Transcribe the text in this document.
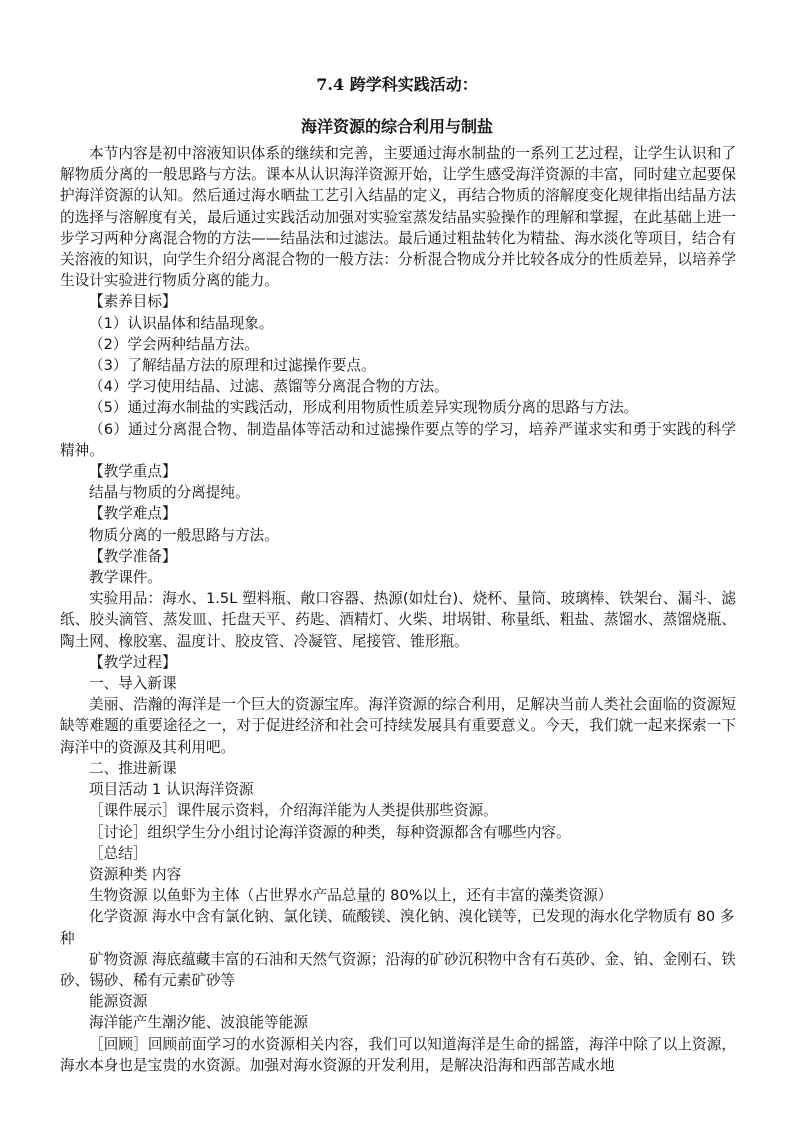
7.4 跨学科实践活动：
海洋资源的综合利用与制盐

本节内容是初中溶液知识体系的继续和完善，主要通过海水制盐的一系列工艺过程，让学生认识和了解物质分离的一般思路与方法。课本从认识海洋资源开始，让学生感受海洋资源的丰富，同时建立起要保护海洋资源的认知。然后通过海水晒盐工艺引入结晶的定义，再结合物质的溶解度变化规律指出结晶方法的选择与溶解度有关，最后通过实践活动加强对实验室蒸发结晶实验操作的理解和掌握，在此基础上进一步学习两种分离混合物的方法——结晶法和过滤法。最后通过粗盐转化为精盐、海水淡化等项目，结合有关溶液的知识，向学生介绍分离混合物的一般方法：分析混合物成分并比较各成分的性质差异，以培养学生设计实验进行物质分离的能力。

【素养目标】

（1）认识晶体和结晶现象。

（2）学会两种结晶方法。

（3）了解结晶方法的原理和过滤操作要点。

（4）学习使用结晶、过滤、蒸馏等分离混合物的方法。

（5）通过海水制盐的实践活动，形成利用物质性质差异实现物质分离的思路与方法。

（6）通过分离混合物、制造晶体等活动和过滤操作要点等的学习，培养严谨求实和勇于实践的科学精神。

【教学重点】

结晶与物质的分离提纯。

【教学难点】

物质分离的一般思路与方法。

【教学准备】

教学课件。

实验用品：海水、1.5L 塑料瓶、敞口容器、热源(如灶台)、烧杯、量筒、玻璃棒、铁架台、漏斗、滤纸、胶头滴管、蒸发皿、托盘天平、药匙、酒精灯、火柴、坩埚钳、称量纸、粗盐、蒸馏水、蒸馏烧瓶、陶土网、橡胶塞、温度计、胶皮管、冷凝管、尾接管、锥形瓶。

【教学过程】

一、导入新课

美丽、浩瀚的海洋是一个巨大的资源宝库。海洋资源的综合利用，足解决当前人类社会面临的资源短缺等难题的重要途径之一，对于促进经济和社会可持续发展具有重要意义。今天，我们就一起来探索一下海洋中的资源及其利用吧。

二、推进新课

项目活动 1 认识海洋资源

［课件展示］课件展示资料，介绍海洋能为人类提供那些资源。

［讨论］组织学生分小组讨论海洋资源的种类，每种资源都含有哪些内容。

［总结］

资源种类 内容

生物资源 以鱼虾为主体（占世界水产品总量的 80%以上，还有丰富的藻类资源）

化学资源 海水中含有氯化钠、氯化镁、硫酸镁、溴化钠、溴化镁等，已发现的海水化学物质有 80 多种

矿物资源 海底蕴藏丰富的石油和天然气资源；沿海的矿砂沉积物中含有石英砂、金、铂、金刚石、铁砂、锡砂、稀有元素矿砂等

能源资源

海洋能产生潮汐能、波浪能等能源

［回顾］回顾前面学习的水资源相关内容，我们可以知道海洋是生命的摇篮，海洋中除了以上资源，海水本身也是宝贵的水资源。加强对海水资源的开发利用，是解决沿海和西部苦咸水地
